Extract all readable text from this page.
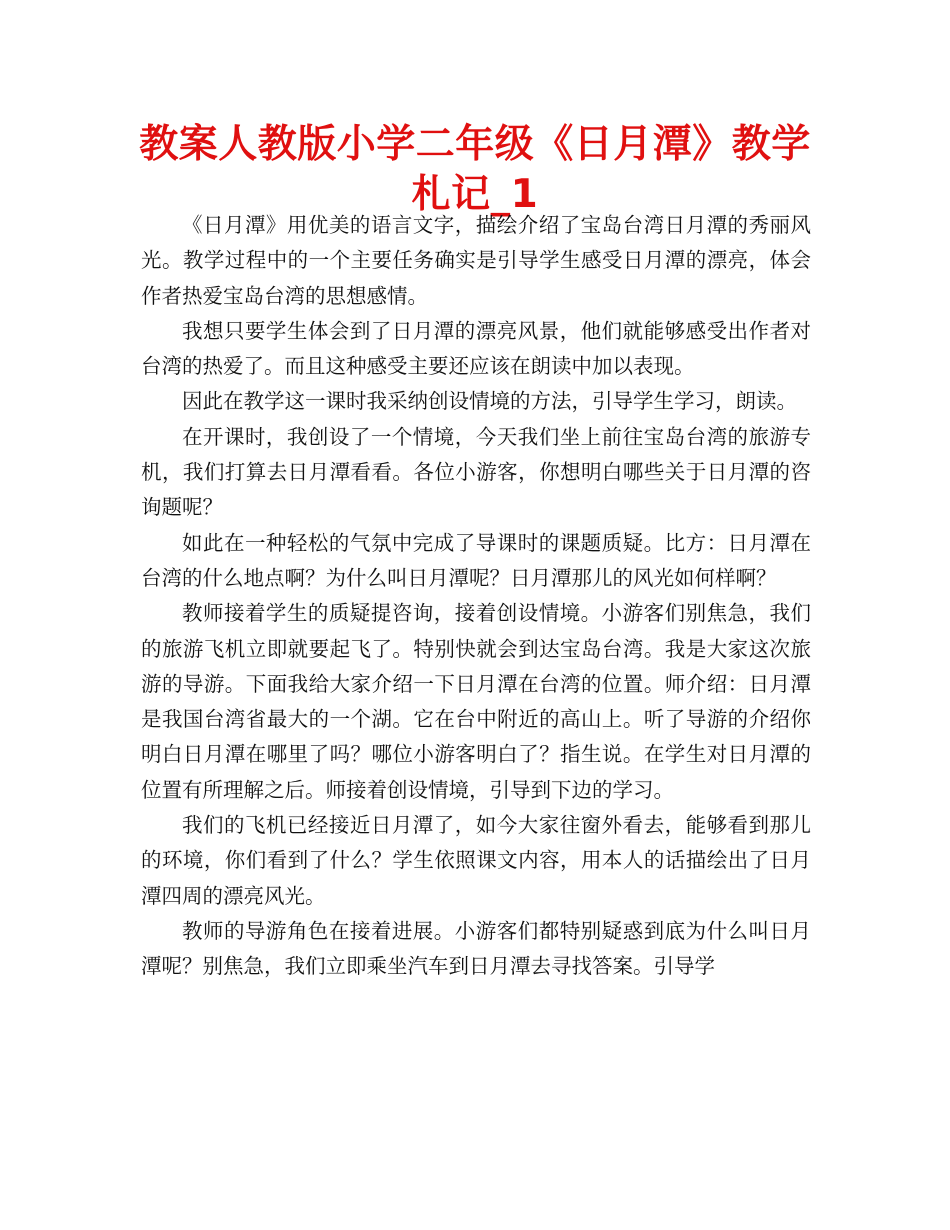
教案人教版小学二年级《日月潭》教学札记_1

《日月潭》用优美的语言文字，描绘介绍了宝岛台湾日月潭的秀丽风光。教学过程中的一个主要任务确实是引导学生感受日月潭的漂亮，体会作者热爱宝岛台湾的思想感情。

我想只要学生体会到了日月潭的漂亮风景，他们就能够感受出作者对台湾的热爱了。而且这种感受主要还应该在朗读中加以表现。

因此在教学这一课时我采纳创设情境的方法，引导学生学习，朗读。

在开课时，我创设了一个情境，今天我们坐上前往宝岛台湾的旅游专机，我们打算去日月潭看看。各位小游客，你想明白哪些关于日月潭的咨询题呢？

如此在一种轻松的气氛中完成了导课时的课题质疑。比方：日月潭在台湾的什么地点啊？为什么叫日月潭呢？日月潭那儿的风光如何样啊？

教师接着学生的质疑提咨询，接着创设情境。小游客们别焦急，我们的旅游飞机立即就要起飞了。特别快就会到达宝岛台湾。我是大家这次旅游的导游。下面我给大家介绍一下日月潭在台湾的位置。师介绍：日月潭是我国台湾省最大的一个湖。它在台中附近的高山上。听了导游的介绍你明白日月潭在哪里了吗？哪位小游客明白了？指生说。在学生对日月潭的位置有所理解之后。师接着创设情境，引导到下边的学习。

我们的飞机已经接近日月潭了，如今大家往窗外看去，能够看到那儿的环境，你们看到了什么？学生依照课文内容，用本人的话描绘出了日月潭四周的漂亮风光。

教师的导游角色在接着进展。小游客们都特别疑惑到底为什么叫日月潭呢？别焦急，我们立即乘坐汽车到日月潭去寻找答案。引导学
